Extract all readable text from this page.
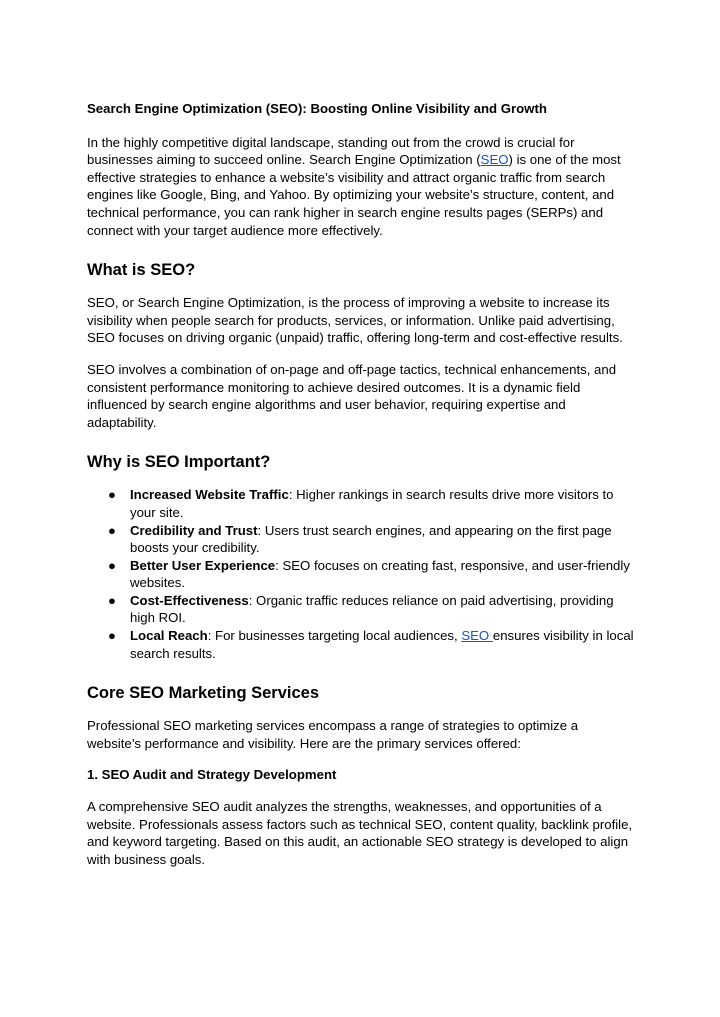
Search Engine Optimization (SEO): Boosting Online Visibility and Growth

In the highly competitive digital landscape, standing out from the crowd is crucial for businesses aiming to succeed online. Search Engine Optimization (SEO) is one of the most effective strategies to enhance a website’s visibility and attract organic traffic from search engines like Google, Bing, and Yahoo. By optimizing your website’s structure, content, and technical performance, you can rank higher in search engine results pages (SERPs) and connect with your target audience more effectively.

What is SEO?

SEO, or Search Engine Optimization, is the process of improving a website to increase its visibility when people search for products, services, or information. Unlike paid advertising, SEO focuses on driving organic (unpaid) traffic, offering long-term and cost-effective results.

SEO involves a combination of on-page and off-page tactics, technical enhancements, and consistent performance monitoring to achieve desired outcomes. It is a dynamic field influenced by search engine algorithms and user behavior, requiring expertise and adaptability.

Why is SEO Important?
● Increased Website Traffic: Higher rankings in search results drive more visitors to your site.
● Credibility and Trust: Users trust search engines, and appearing on the first page boosts your credibility.
● Better User Experience: SEO focuses on creating fast, responsive, and user-friendly websites.
● Cost-Effectiveness: Organic traffic reduces reliance on paid advertising, providing high ROI.
● Local Reach: For businesses targeting local audiences, SEO ensures visibility in local search results.
Core SEO Marketing Services

Professional SEO marketing services encompass a range of strategies to optimize a website’s performance and visibility. Here are the primary services offered:

1. SEO Audit and Strategy Development

A comprehensive SEO audit analyzes the strengths, weaknesses, and opportunities of a website. Professionals assess factors such as technical SEO, content quality, backlink profile, and keyword targeting. Based on this audit, an actionable SEO strategy is developed to align with business goals.
